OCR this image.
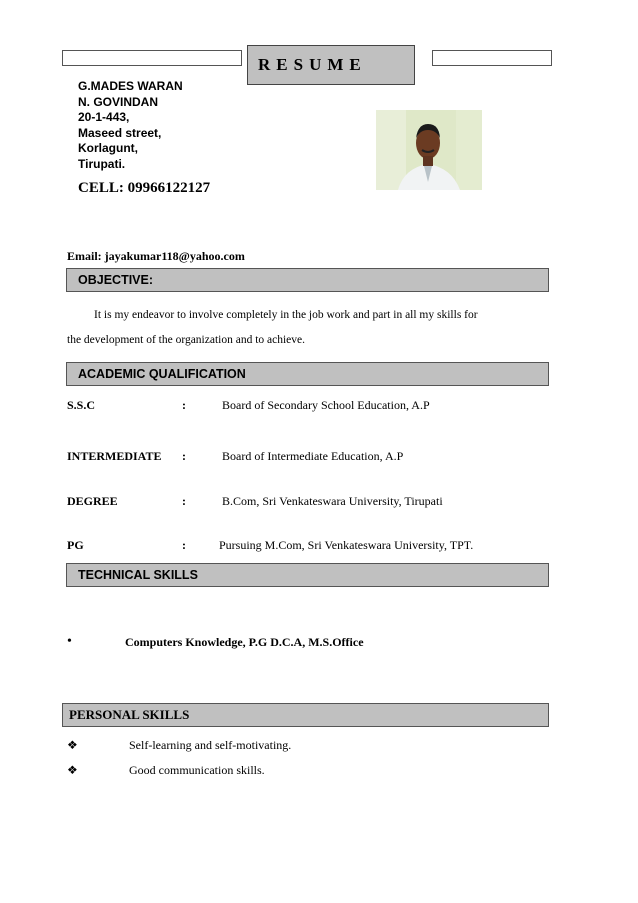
RESUME
G.MADES WARAN
N. GOVINDAN
20-1-443,
Maseed street,
Korlagunt,
Tirupati.
CELL: 09966122127
Email: jayakumar118@yahoo.com
OBJECTIVE:
It is my endeavor to involve completely in the job work and part in all my skills for
the development of the organization and to achieve.
ACADEMIC QUALIFICATION
S.S.C	:	Board of Secondary School Education, A.P
INTERMEDIATE :	Board of Intermediate Education, A.P
DEGREE	:	B.Com, Sri Venkateswara University, Tirupati
PG	:	Pursuing M.Com, Sri Venkateswara University, TPT.
TECHNICAL SKILLS
•	Computers Knowledge, P.G D.C.A, M.S.Office
PERSONAL SKILLS
❖	Self-learning and self-motivating.
❖	Good communication skills.
